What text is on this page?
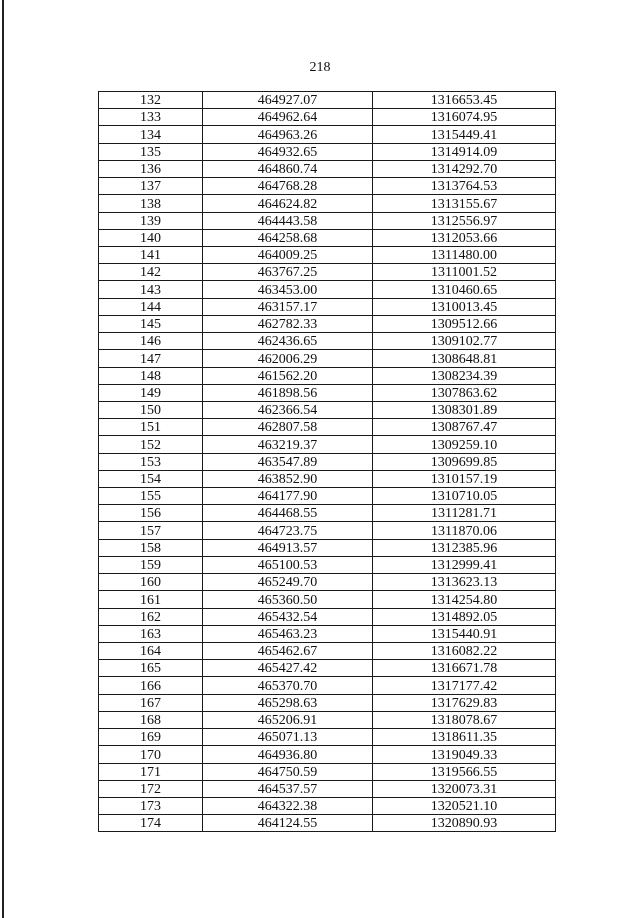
218
132	464927.07	1316653.45
133	464962.64	1316074.95
134	464963.26	1315449.41
135	464932.65	1314914.09
136	464860.74	1314292.70
137	464768.28	1313764.53
138	464624.82	1313155.67
139	464443.58	1312556.97
140	464258.68	1312053.66
141	464009.25	1311480.00
142	463767.25	1311001.52
143	463453.00	1310460.65
144	463157.17	1310013.45
145	462782.33	1309512.66
146	462436.65	1309102.77
147	462006.29	1308648.81
148	461562.20	1308234.39
149	461898.56	1307863.62
150	462366.54	1308301.89
151	462807.58	1308767.47
152	463219.37	1309259.10
153	463547.89	1309699.85
154	463852.90	1310157.19
155	464177.90	1310710.05
156	464468.55	1311281.71
157	464723.75	1311870.06
158	464913.57	1312385.96
159	465100.53	1312999.41
160	465249.70	1313623.13
161	465360.50	1314254.80
162	465432.54	1314892.05
163	465463.23	1315440.91
164	465462.67	1316082.22
165	465427.42	1316671.78
166	465370.70	1317177.42
167	465298.63	1317629.83
168	465206.91	1318078.67
169	465071.13	1318611.35
170	464936.80	1319049.33
171	464750.59	1319566.55
172	464537.57	1320073.31
173	464322.38	1320521.10
174	464124.55	1320890.93
